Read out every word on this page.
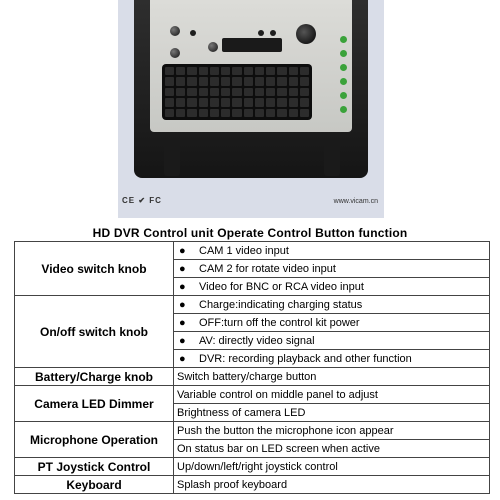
CE ✔ FC	www.vicam.cn
HD DVR Control unit Operate Control Button function
Video switch knob	● CAM 1 video input
	● CAM 2 for rotate video input
	● Video for BNC or RCA video input
On/off switch knob	● Charge:indicating charging status
	● OFF:turn off the control kit power
	● AV: directly video signal
	● DVR: recording playback and other function
Battery/Charge knob	Switch battery/charge button
Camera LED Dimmer	Variable control on middle panel to adjust
	Brightness of camera LED
Microphone Operation	Push the button the microphone icon appear
	On status bar on LED screen when active
PT Joystick Control	Up/down/left/right joystick control
Keyboard	Splash proof keyboard
